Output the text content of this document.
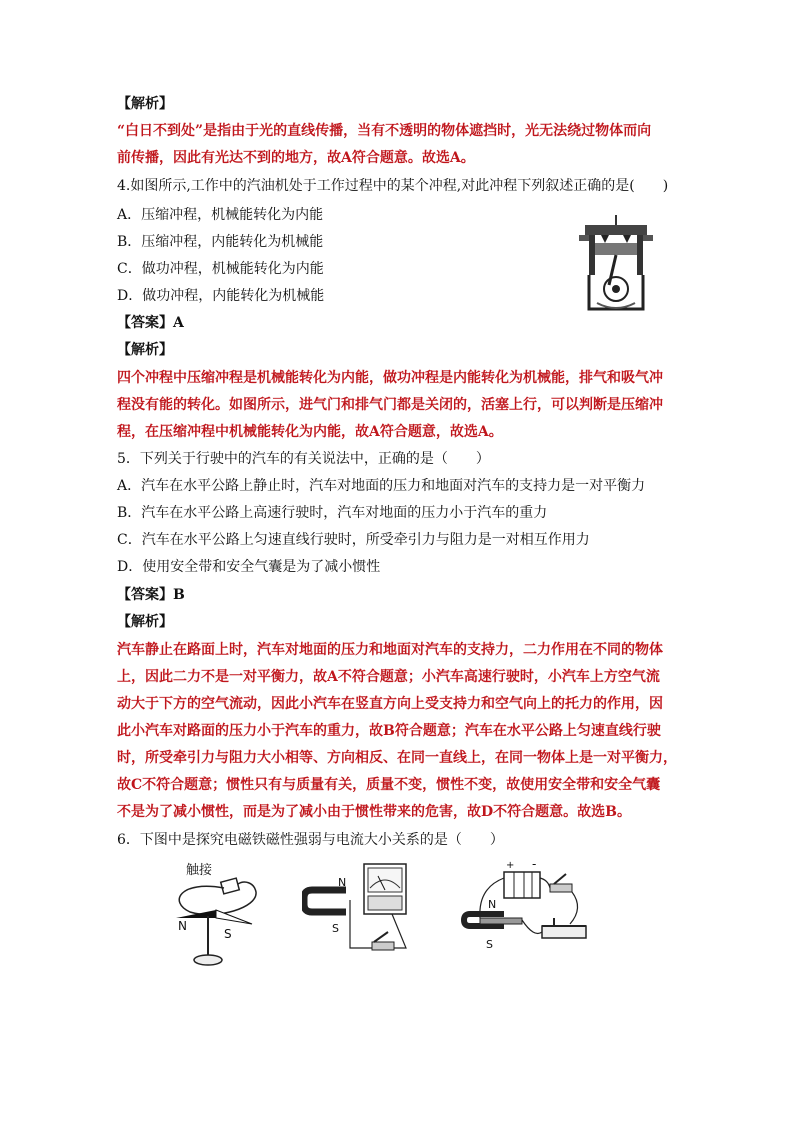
【解析】
“白日不到处”是指由于光的直线传播，当有不透明的物体遮挡时，光无法绕过物体而向
前传播，因此有光达不到的地方，故A符合题意。故选A。
4.如图所示,工作中的汽油机处于工作过程中的某个冲程,对此冲程下列叙述正确的是(　　)
A．压缩冲程，机械能转化为内能
B．压缩冲程，内能转化为机械能
C．做功冲程，机械能转化为内能
D．做功冲程，内能转化为机械能
【答案】A
【解析】
四个冲程中压缩冲程是机械能转化为内能，做功冲程是内能转化为机械能，排气和吸气冲
程没有能的转化。如图所示，进气门和排气门都是关闭的，活塞上行，可以判断是压缩冲
程，在压缩冲程中机械能转化为内能，故A符合题意，故选A。
5．下列关于行驶中的汽车的有关说法中，正确的是（　　）
A．汽车在水平公路上静止时，汽车对地面的压力和地面对汽车的支持力是一对平衡力
B．汽车在水平公路上高速行驶时，汽车对地面的压力小于汽车的重力
C．汽车在水平公路上匀速直线行驶时，所受牵引力与阻力是一对相互作用力
D．使用安全带和安全气囊是为了减小惯性
【答案】B
【解析】
汽车静止在路面上时，汽车对地面的压力和地面对汽车的支持力，二力作用在不同的物体
上，因此二力不是一对平衡力，故A不符合题意；小汽车高速行驶时，小汽车上方空气流
动大于下方的空气流动，因此小汽车在竖直方向上受支持力和空气向上的托力的作用，因
此小汽车对路面的压力小于汽车的重力，故B符合题意；汽车在水平公路上匀速直线行驶
时，所受牵引力与阻力大小相等、方向相反、在同一直线上，在同一物体上是一对平衡力，
故C不符合题意；惯性只有与质量有关，质量不变，惯性不变，故使用安全带和安全气囊
不是为了减小惯性，而是为了减小由于惯性带来的危害，故D不符合题意。故选B。
6．下图中是探究电磁铁磁性强弱与电流大小关系的是（　　）
触接
N
S
N
S
+ -
N
S
